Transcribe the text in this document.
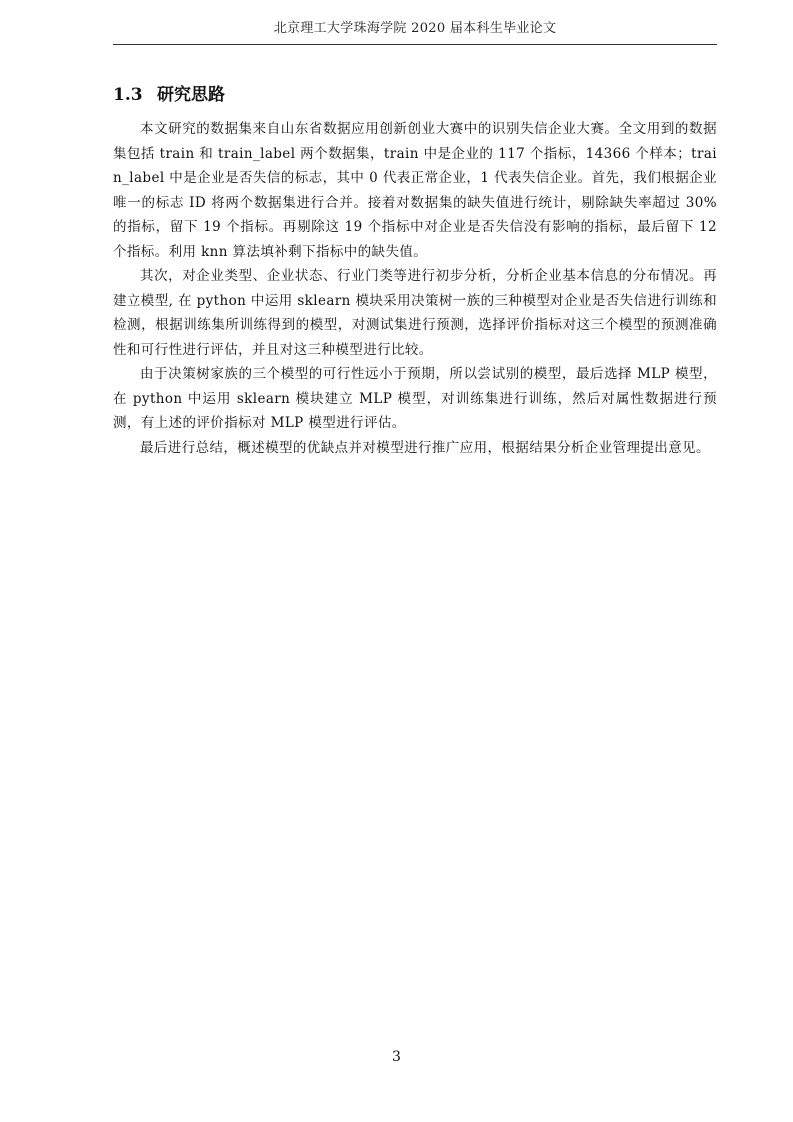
北京理工大学珠海学院 2020 届本科生毕业论文
1.3 研究思路

本文研究的数据集来自山东省数据应用创新创业大赛中的识别失信企业大赛。全文用到的数据集包括 train 和 train_label 两个数据集，train 中是企业的 117 个指标，14366 个样本；train_label 中是企业是否失信的标志，其中 0 代表正常企业，1 代表失信企业。首先，我们根据企业唯一的标志 ID 将两个数据集进行合并。接着对数据集的缺失值进行统计，剔除缺失率超过 30% 的指标，留下 19 个指标。再剔除这 19 个指标中对企业是否失信没有影响的指标，最后留下 12 个指标。利用 knn 算法填补剩下指标中的缺失值。

其次，对企业类型、企业状态、行业门类等进行初步分析，分析企业基本信息的分布情况。再建立模型, 在 python 中运用 sklearn 模块采用决策树一族的三种模型对企业是否失信进行训练和检测，根据训练集所训练得到的模型，对测试集进行预测，选择评价指标对这三个模型的预测准确性和可行性进行评估，并且对这三种模型进行比较。

由于决策树家族的三个模型的可行性远小于预期，所以尝试别的模型，最后选择 MLP 模型，在 python 中运用 sklearn 模块建立 MLP 模型，对训练集进行训练，然后对属性数据进行预测，有上述的评价指标对 MLP 模型进行评估。

最后进行总结，概述模型的优缺点并对模型进行推广应用，根据结果分析企业管理提出意见。

3
